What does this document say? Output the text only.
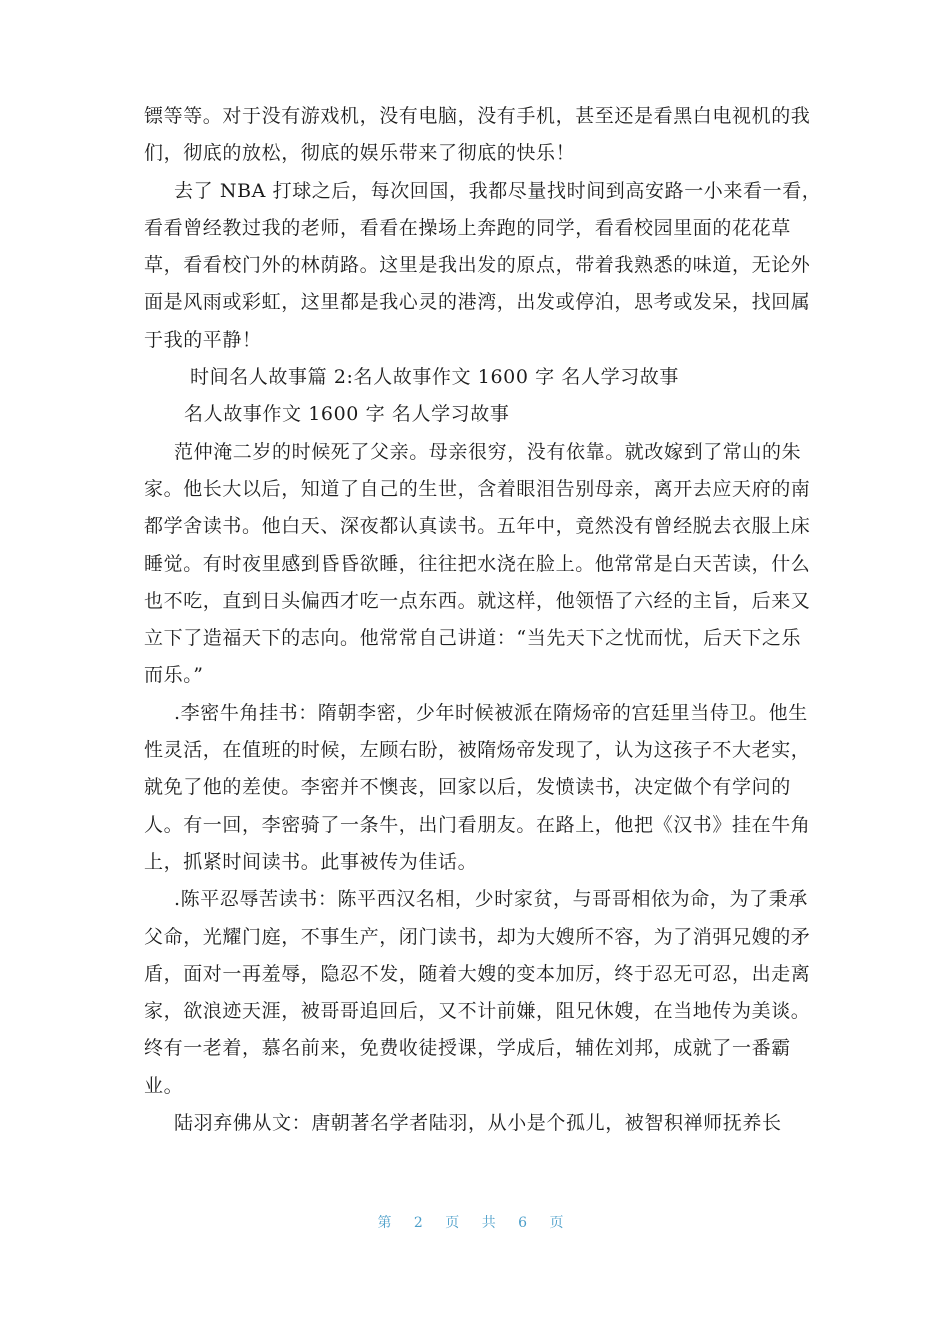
镖等等。对于没有游戏机，没有电脑，没有手机，甚至还是看黑白电视机的我
们，彻底的放松，彻底的娱乐带来了彻底的快乐！
去了 NBA 打球之后，每次回国，我都尽量找时间到高安路一小来看一看，
看看曾经教过我的老师，看看在操场上奔跑的同学，看看校园里面的花花草
草，看看校门外的林荫路。这里是我出发的原点，带着我熟悉的味道，无论外
面是风雨或彩虹，这里都是我心灵的港湾，出发或停泊，思考或发呆，找回属
于我的平静！
时间名人故事篇 2:名人故事作文 1600 字 名人学习故事
名人故事作文 1600 字 名人学习故事
范仲淹二岁的时候死了父亲。母亲很穷，没有依靠。就改嫁到了常山的朱
家。他长大以后，知道了自己的生世，含着眼泪告别母亲，离开去应天府的南
都学舍读书。他白天、深夜都认真读书。五年中，竟然没有曾经脱去衣服上床
睡觉。有时夜里感到昏昏欲睡，往往把水浇在脸上。他常常是白天苦读，什么
也不吃，直到日头偏西才吃一点东西。就这样，他领悟了六经的主旨，后来又
立下了造福天下的志向。他常常自己讲道：“当先天下之忧而忧，后天下之乐
而乐。”
.李密牛角挂书：隋朝李密，少年时候被派在隋炀帝的宫廷里当侍卫。他生
性灵活，在值班的时候，左顾右盼，被隋炀帝发现了，认为这孩子不大老实，
就免了他的差使。李密并不懊丧，回家以后，发愤读书，决定做个有学问的
人。有一回，李密骑了一条牛，出门看朋友。在路上，他把《汉书》挂在牛角
上，抓紧时间读书。此事被传为佳话。
.陈平忍辱苦读书：陈平西汉名相，少时家贫，与哥哥相依为命，为了秉承
父命，光耀门庭，不事生产，闭门读书，却为大嫂所不容，为了消弭兄嫂的矛
盾，面对一再羞辱，隐忍不发，随着大嫂的变本加厉，终于忍无可忍，出走离
家，欲浪迹天涯，被哥哥追回后，又不计前嫌，阻兄休嫂，在当地传为美谈。
终有一老着，慕名前来，免费收徒授课，学成后，辅佐刘邦，成就了一番霸
业。
陆羽弃佛从文：唐朝著名学者陆羽，从小是个孤儿，被智积禅师抚养长
第 2 页 共 6 页
